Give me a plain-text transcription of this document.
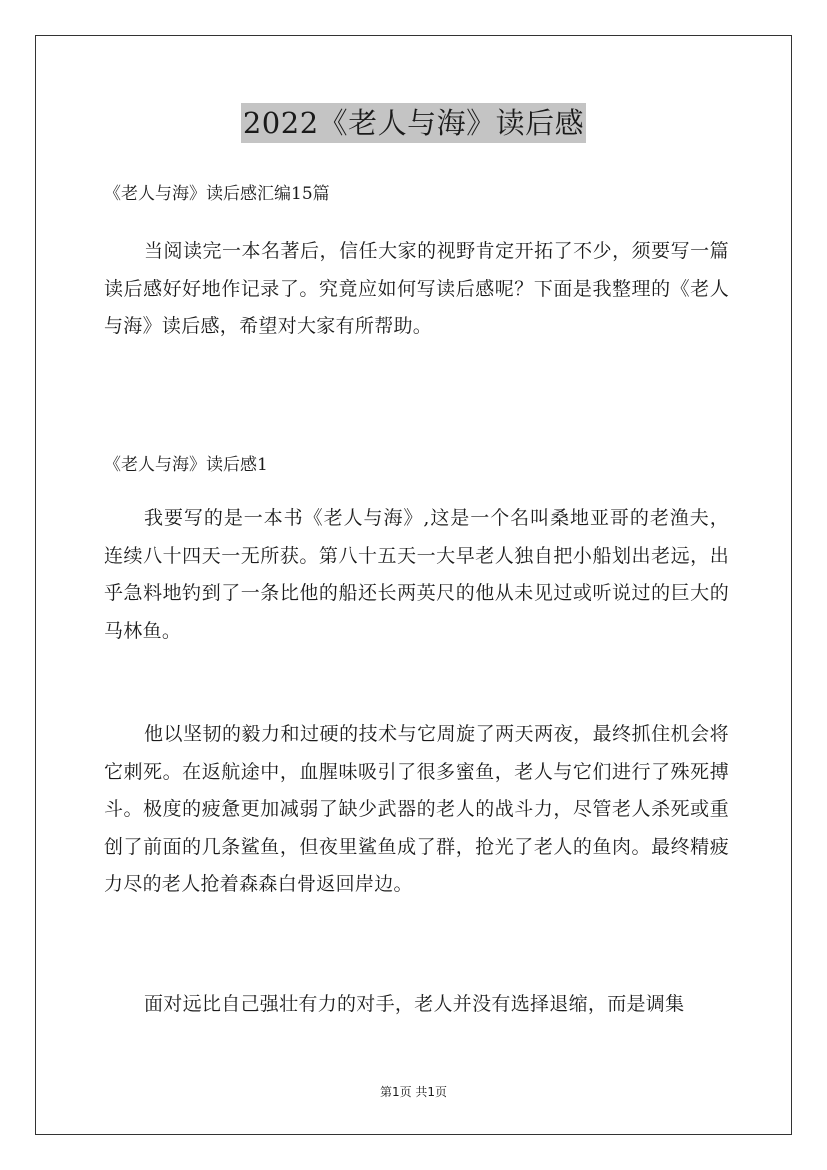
2022《老人与海》读后感
《老人与海》读后感汇编15篇

当阅读完一本名著后，信任大家的视野肯定开拓了不少，须要写一篇读后感好好地作记录了。究竟应如何写读后感呢？下面是我整理的《老人与海》读后感，希望对大家有所帮助。

《老人与海》读后感1

我要写的是一本书《老人与海》,这是一个名叫桑地亚哥的老渔夫，连续八十四天一无所获。第八十五天一大早老人独自把小船划出老远，出乎急料地钓到了一条比他的船还长两英尺的他从未见过或听说过的巨大的马林鱼。

他以坚韧的毅力和过硬的技术与它周旋了两天两夜，最终抓住机会将它刺死。在返航途中，血腥味吸引了很多蜜鱼，老人与它们进行了殊死搏斗。极度的疲惫更加减弱了缺少武器的老人的战斗力，尽管老人杀死或重创了前面的几条鲨鱼，但夜里鲨鱼成了群，抢光了老人的鱼肉。最终精疲力尽的老人抢着森森白骨返回岸边。

面对远比自己强壮有力的对手，老人并没有选择退缩，而是调集

第1页 共1页
